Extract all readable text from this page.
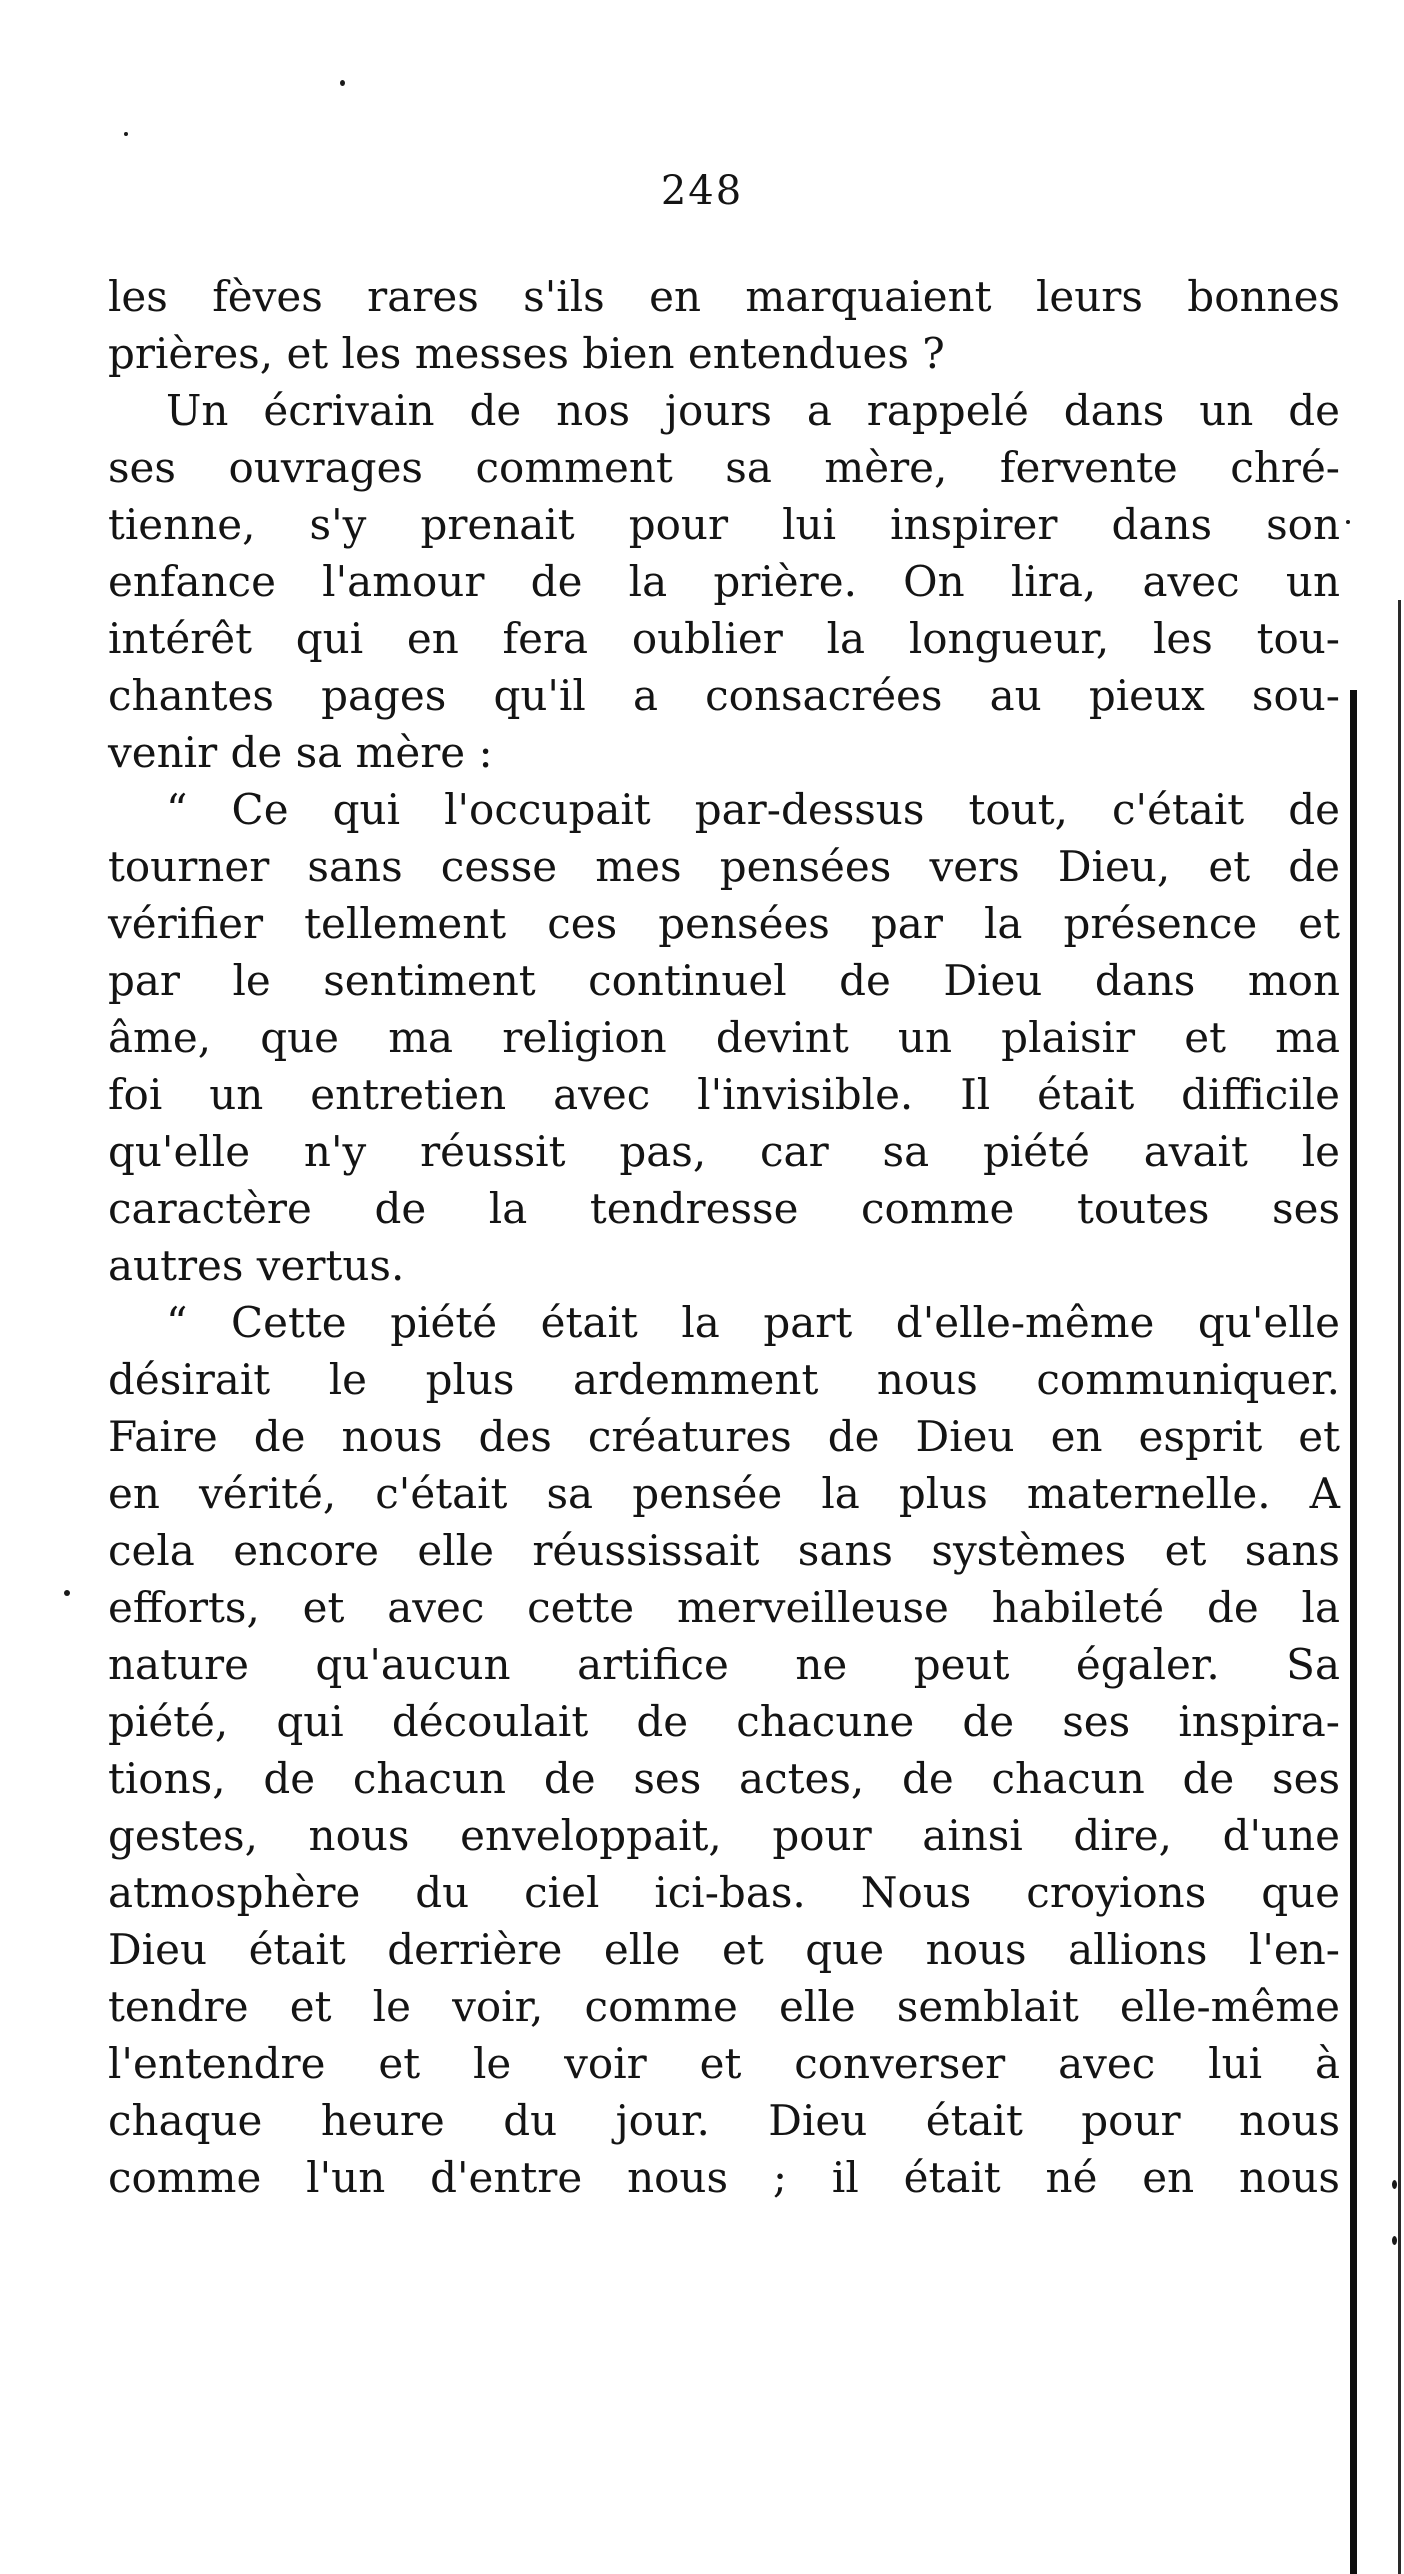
248
les fèves rares s'ils en marquaient leurs bonnes
prières, et les messes bien entendues ?
Un écrivain de nos jours a rappelé dans un de
ses ouvrages comment sa mère, fervente chré-
tienne, s'y prenait pour lui inspirer dans son
enfance l'amour de la prière. On lira, avec un
intérêt qui en fera oublier la longueur, les tou-
chantes pages qu'il a consacrées au pieux sou-
venir de sa mère :
“ Ce qui l'occupait par-dessus tout, c'était de
tourner sans cesse mes pensées vers Dieu, et de
vérifier tellement ces pensées par la présence et
par le sentiment continuel de Dieu dans mon
âme, que ma religion devint un plaisir et ma
foi un entretien avec l'invisible. Il était difficile
qu'elle n'y réussit pas, car sa piété avait le
caractère de la tendresse comme toutes ses
autres vertus.
“ Cette piété était la part d'elle-même qu'elle
désirait le plus ardemment nous communiquer.
Faire de nous des créatures de Dieu en esprit et
en vérité, c'était sa pensée la plus maternelle. A
cela encore elle réussissait sans systèmes et sans
efforts, et avec cette merveilleuse habileté de la
nature qu'aucun artifice ne peut égaler. Sa
piété, qui découlait de chacune de ses inspira-
tions, de chacun de ses actes, de chacun de ses
gestes, nous enveloppait, pour ainsi dire, d'une
atmosphère du ciel ici-bas. Nous croyions que
Dieu était derrière elle et que nous allions l'en-
tendre et le voir, comme elle semblait elle-même
l'entendre et le voir et converser avec lui à
chaque heure du jour. Dieu était pour nous
comme l'un d'entre nous ; il était né en nous
